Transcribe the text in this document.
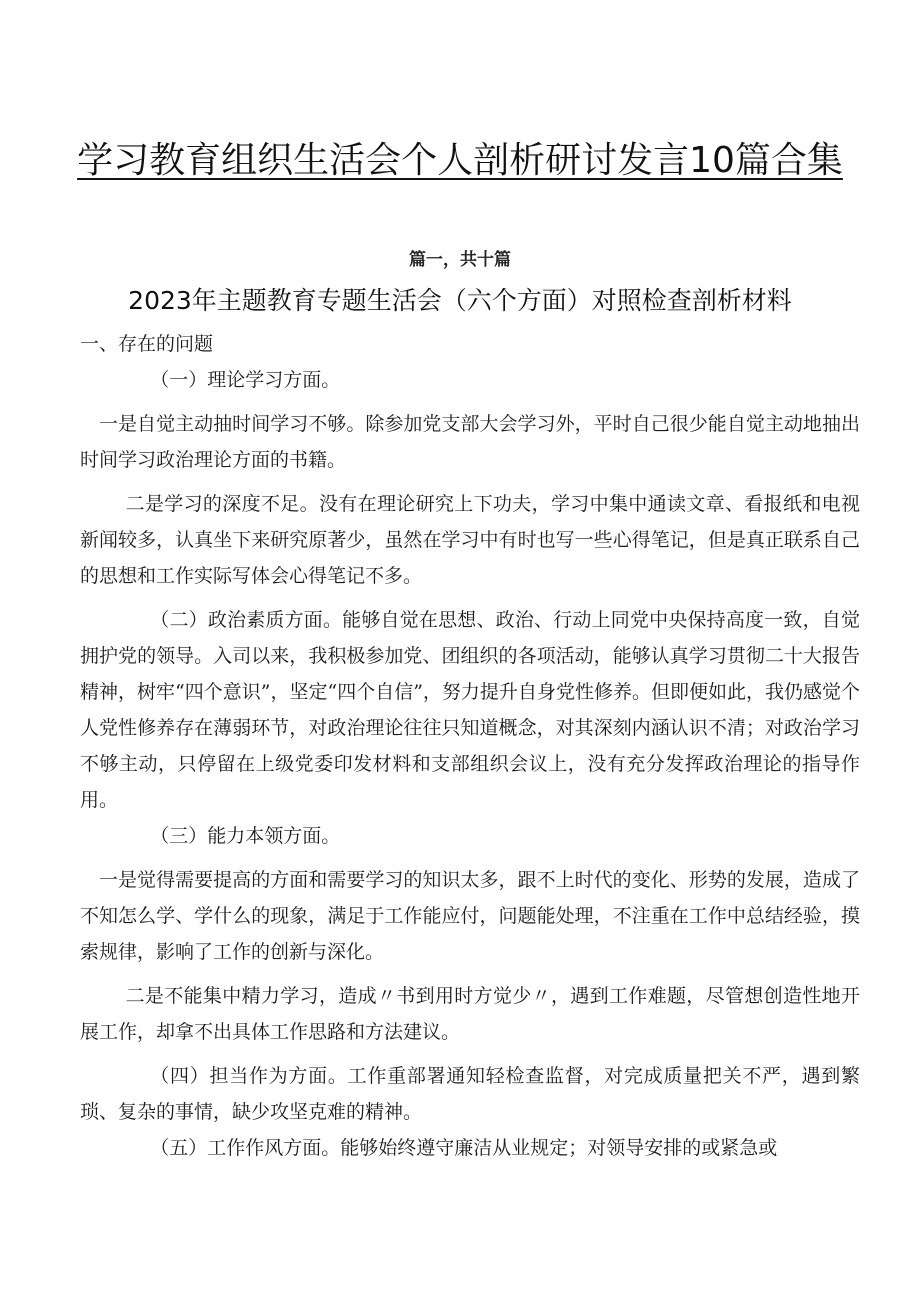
学习教育组织生活会个人剖析研讨发言10篇合集
篇一，共十篇
2023年主题教育专题生活会（六个方面）对照检查剖析材料

一、存在的问题

（一）理论学习方面。

一是自觉主动抽时间学习不够。除参加党支部大会学习外，平时自己很少能自觉主动地抽出时间学习政治理论方面的书籍。

二是学习的深度不足。没有在理论研究上下功夫，学习中集中通读文章、看报纸和电视新闻较多，认真坐下来研究原著少，虽然在学习中有时也写一些心得笔记，但是真正联系自己的思想和工作实际写体会心得笔记不多。

（二）政治素质方面。能够自觉在思想、政治、行动上同党中央保持高度一致，自觉拥护党的领导。入司以来，我积极参加党、团组织的各项活动，能够认真学习贯彻二十大报告精神，树牢“四个意识”，坚定“四个自信”，努力提升自身党性修养。但即便如此，我仍感觉个人党性修养存在薄弱环节，对政治理论往往只知道概念，对其深刻内涵认识不清；对政治学习不够主动，只停留在上级党委印发材料和支部组织会议上，没有充分发挥政治理论的指导作用。

（三）能力本领方面。

一是觉得需要提高的方面和需要学习的知识太多，跟不上时代的变化、形势的发展，造成了不知怎么学、学什么的现象，满足于工作能应付，问题能处理，不注重在工作中总结经验，摸索规律，影响了工作的创新与深化。

二是不能集中精力学习，造成〃书到用时方觉少〃，遇到工作难题，尽管想创造性地开展工作，却拿不出具体工作思路和方法建议。

（四）担当作为方面。工作重部署通知轻检查监督，对完成质量把关不严，遇到繁琐、复杂的事情，缺少攻坚克难的精神。

（五）工作作风方面。能够始终遵守廉洁从业规定；对领导安排的或紧急或
